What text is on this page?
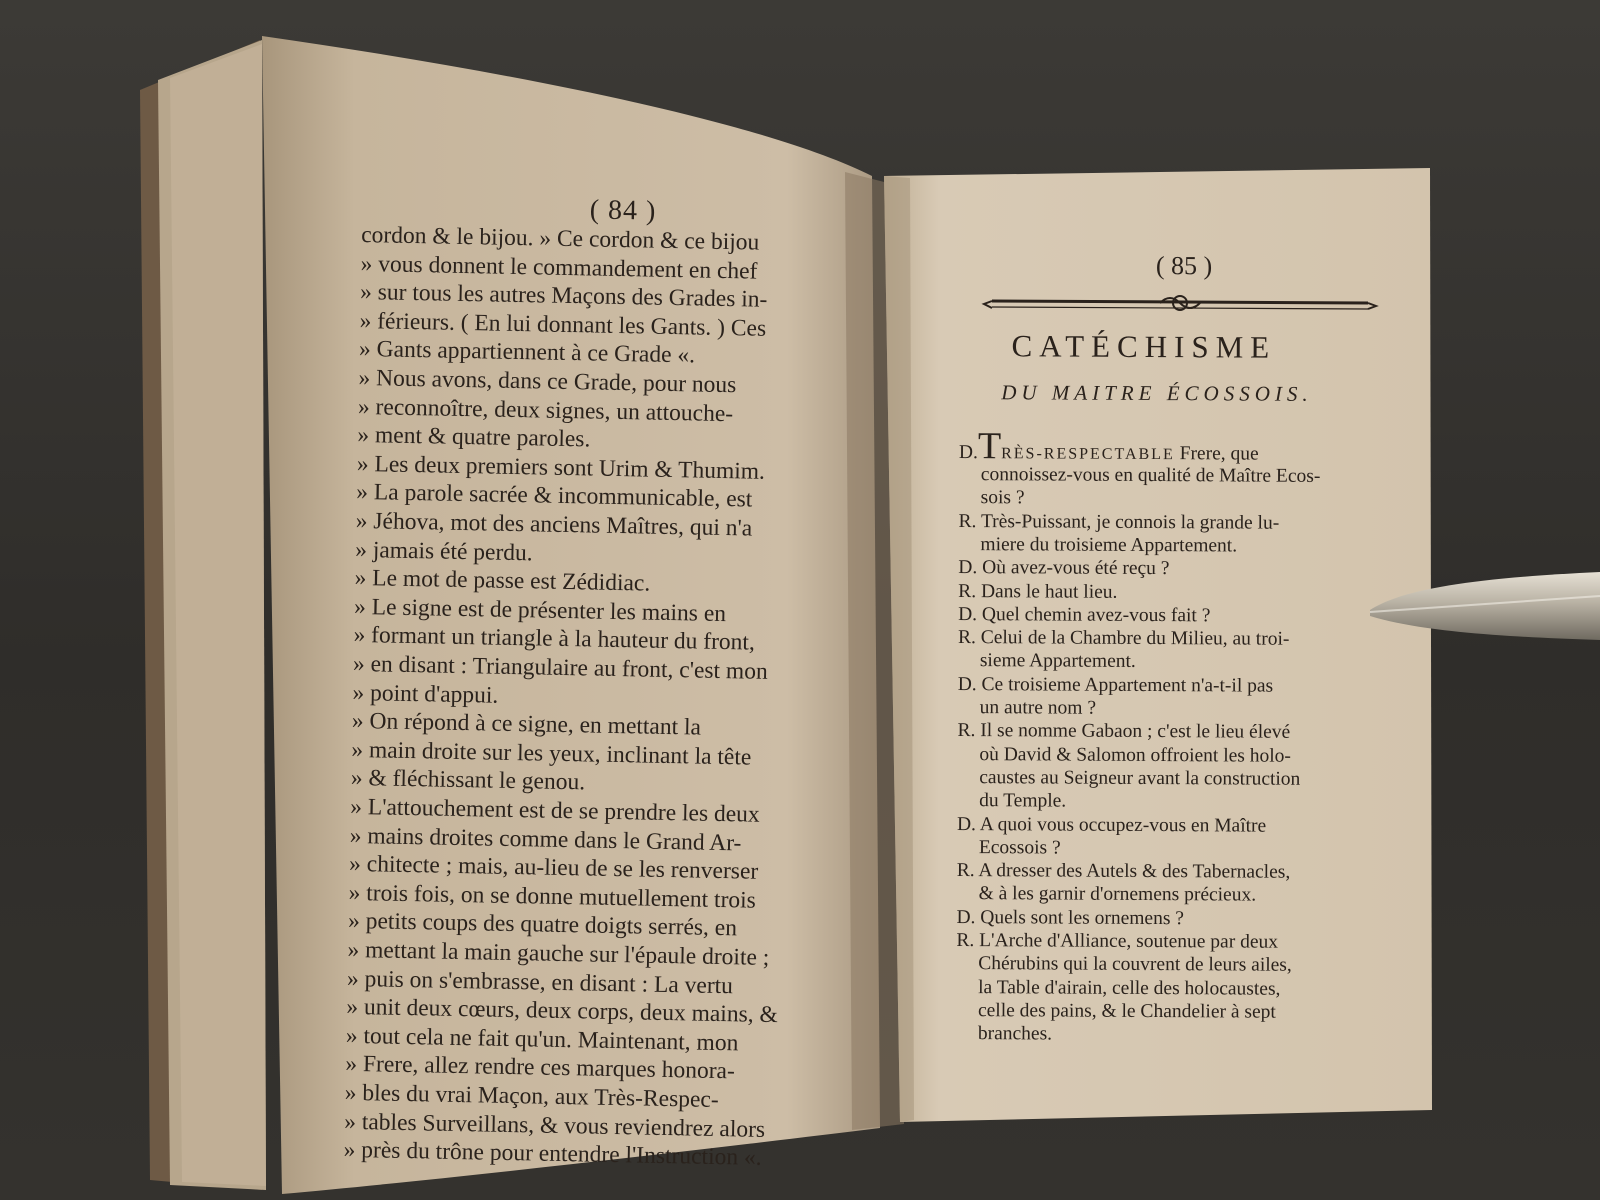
( 84 )
cordon & le bijou. » Ce cordon & ce bijou
» vous donnent le commandement en chef
» sur tous les autres Maçons des Grades in-
» férieurs. ( En lui donnant les Gants. ) Ces
» Gants appartiennent à ce Grade «.
» Nous avons, dans ce Grade, pour nous
» reconnoître, deux signes, un attouche-
» ment & quatre paroles.
» Les deux premiers sont Urim & Thumim.
» La parole sacrée & incommunicable, est
» Jéhova, mot des anciens Maîtres, qui n'a
» jamais été perdu.
» Le mot de passe est Zédidiac.
» Le signe est de présenter les mains en
» formant un triangle à la hauteur du front,
» en disant : Triangulaire au front, c'est mon
» point d'appui.
» On répond à ce signe, en mettant la
» main droite sur les yeux, inclinant la tête
» & fléchissant le genou.
» L'attouchement est de se prendre les deux
» mains droites comme dans le Grand Ar-
» chitecte ; mais, au-lieu de se les renverser
» trois fois, on se donne mutuellement trois
» petits coups des quatre doigts serrés, en
» mettant la main gauche sur l'épaule droite ;
» puis on s'embrasse, en disant : La vertu
» unit deux cœurs, deux corps, deux mains, &
» tout cela ne fait qu'un. Maintenant, mon
» Frere, allez rendre ces marques honora-
» bles du vrai Maçon, aux Très-Respec-
» tables Surveillans, & vous reviendrez alors
» près du trône pour entendre l'Instruction «.
( 85 )
CATÉCHISME
DU MAITRE ÉCOSSOIS.
D.TRÈS-RESPECTABLE Frere, que
connoissez-vous en qualité de Maître Ecos-
sois ?
R. Très-Puissant, je connois la grande lu-
miere du troisieme Appartement.
D. Où avez-vous été reçu ?
R. Dans le haut lieu.
D. Quel chemin avez-vous fait ?
R. Celui de la Chambre du Milieu, au troi-
sieme Appartement.
D. Ce troisieme Appartement n'a-t-il pas
un autre nom ?
R. Il se nomme Gabaon ; c'est le lieu élevé
où David & Salomon offroient les holo-
caustes au Seigneur avant la construction
du Temple.
D. A quoi vous occupez-vous en Maître
Ecossois ?
R. A dresser des Autels & des Tabernacles,
& à les garnir d'ornemens précieux.
D. Quels sont les ornemens ?
R. L'Arche d'Alliance, soutenue par deux
Chérubins qui la couvrent de leurs ailes,
la Table d'airain, celle des holocaustes,
celle des pains, & le Chandelier à sept
branches.
